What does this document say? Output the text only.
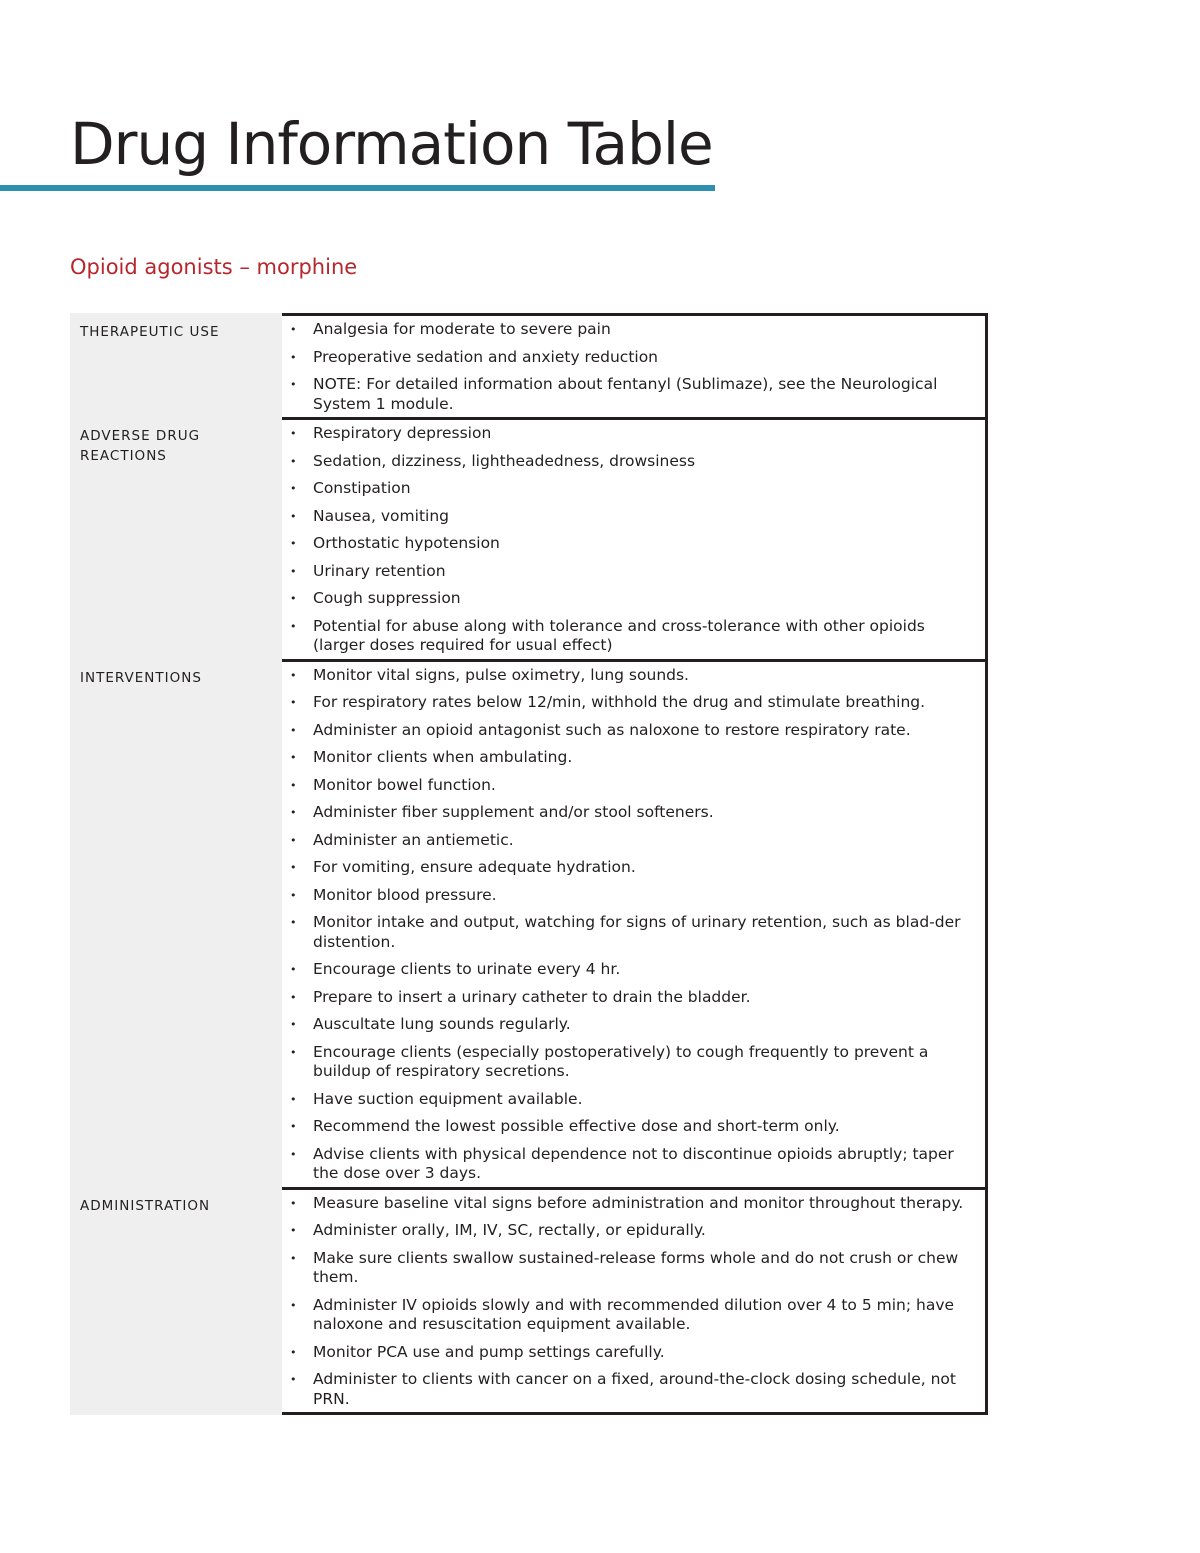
Drug Information Table
Opioid agonists – morphine
THERAPEUTIC USE	• Analgesia for moderate to severe pain
• Preoperative sedation and anxiety reduction
• NOTE: For detailed information about fentanyl (Sublimaze), see the Neurological System 1 module.
ADVERSE DRUG REACTIONS
• Respiratory depression
• Sedation, dizziness, lightheadedness, drowsiness
• Constipation
• Nausea, vomiting
• Orthostatic hypotension
• Urinary retention
• Cough suppression
• Potential for abuse along with tolerance and cross-tolerance with other opioids (larger doses required for usual effect)
INTERVENTIONS	• Monitor vital signs, pulse oximetry, lung sounds.
• For respiratory rates below 12/min, withhold the drug and stimulate breathing.
• Administer an opioid antagonist such as naloxone to restore respiratory rate.
• Monitor clients when ambulating.
• Monitor bowel function.
• Administer fiber supplement and/or stool softeners.
• Administer an antiemetic.
• For vomiting, ensure adequate hydration.
• Monitor blood pressure.
• Monitor intake and output, watching for signs of urinary retention, such as blad-der distention.
• Encourage clients to urinate every 4 hr.
• Prepare to insert a urinary catheter to drain the bladder.
• Auscultate lung sounds regularly.
• Encourage clients (especially postoperatively) to cough frequently to prevent a buildup of respiratory secretions.
• Have suction equipment available.
• Recommend the lowest possible effective dose and short-term only.
• Advise clients with physical dependence not to discontinue opioids abruptly; taper the dose over 3 days.
ADMINISTRATION	• Measure baseline vital signs before administration and monitor throughout therapy.
• Administer orally, IM, IV, SC, rectally, or epidurally.
• Make sure clients swallow sustained-release forms whole and do not crush or chew them.
• Administer IV opioids slowly and with recommended dilution over 4 to 5 min; have naloxone and resuscitation equipment available.
• Monitor PCA use and pump settings carefully.
• Administer to clients with cancer on a fixed, around-the-clock dosing schedule, not PRN.
